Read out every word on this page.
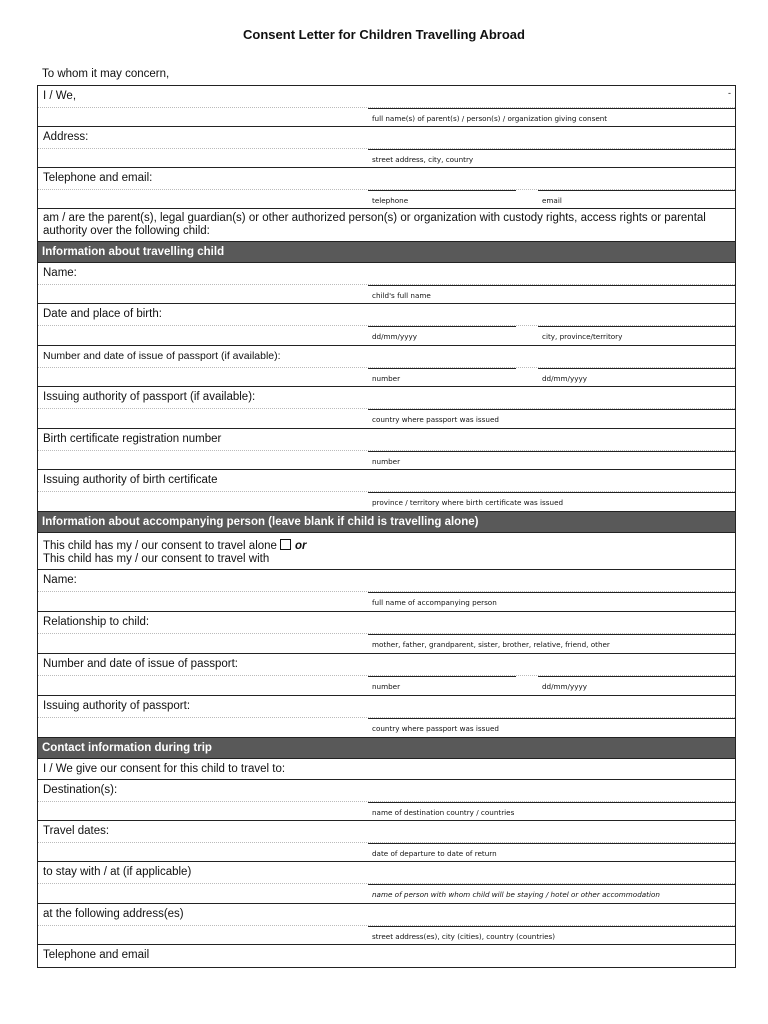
Consent Letter for Children Travelling Abroad
To whom it may concern,
I / We,	-
full name(s) of parent(s) / person(s) / organization giving consent
Address:
street address, city, country
Telephone and email:
telephone	email
am / are the parent(s), legal guardian(s) or other authorized person(s) or organization with custody rights, access rights or parental authority over the following child:
Information about travelling child
Name:
child's full name
Date and place of birth:
dd/mm/yyyy	city, province/territory
Number and date of issue of passport (if available):
number	dd/mm/yyyy
Issuing authority of passport (if available):
country where passport was issued
Birth certificate registration number
number
Issuing authority of birth certificate
province / territory where birth certificate was issued
Information about accompanying person (leave blank if child is travelling alone)
This child has my / our consent to travel alone or
This child has my / our consent to travel with
Name:
full name of accompanying person
Relationship to child:
mother, father, grandparent, sister, brother, relative, friend, other
Number and date of issue of passport:
number	dd/mm/yyyy
Issuing authority of passport:
country where passport was issued
Contact information during trip
I / We give our consent for this child to travel to:
Destination(s):
name of destination country / countries
Travel dates:
date of departure to date of return
to stay with / at (if applicable)
name of person with whom child will be staying / hotel or other accommodation
at the following address(es)
street address(es), city (cities), country (countries)
Telephone and email
